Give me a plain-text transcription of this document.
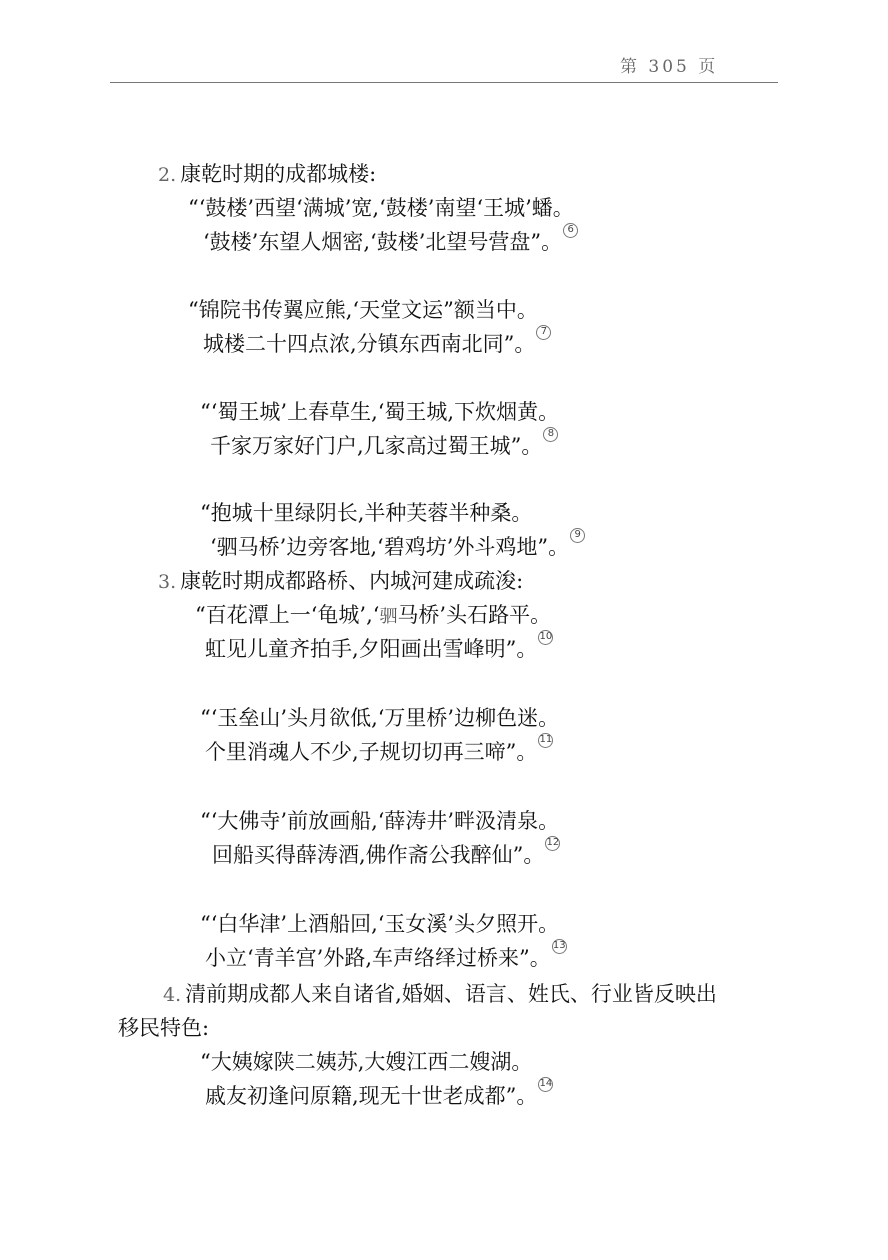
第 305 页
2. 康乾时期的成都城楼:
“‘鼓楼’西望‘满城’宽,‘鼓楼’南望‘王城’蟠。
‘鼓楼’东望人烟密,‘鼓楼’北望号营盘”。$^6$
“锦院书传翼应熊,‘天堂文运”额当中。
城楼二十四点浓,分镇东西南北同”。$^7$
“‘蜀王城’上春草生,‘蜀王城,下炊烟黄。
千家万家好门户,几家高过蜀王城”。$^8$
“抱城十里绿阴长,半种芙蓉半种桑。
‘驷马桥’边旁客地,‘碧鸡坊’外斗鸡地”。$^9$
3. 康乾时期成都路桥、内城河建成疏浚:
“百花潭上一‘龟城’,‘驷马桥’头石路平。
虹见儿童齐拍手,夕阳画出雪峰明”。$^{10}$
“‘玉垒山’头月欲低,‘万里桥’边柳色迷。
个里消魂人不少,子规切切再三啼”。$^{11}$
“‘大佛寺’前放画船,‘薛涛井’畔汲清泉。
回船买得薛涛酒,佛作斋公我醉仙”。$^{12}$
“‘白华津’上酒船回,‘玉女溪’头夕照开。
小立‘青羊宫’外路,车声络绎过桥来”。$^{13}$
4. 清前期成都人来自诸省,婚姻、语言、姓氏、行业皆反映出
移民特色:
“大姨嫁陕二姨苏,大嫂江西二嫂湖。
戚友初逢问原籍,现无十世老成都”。$^{14}$
